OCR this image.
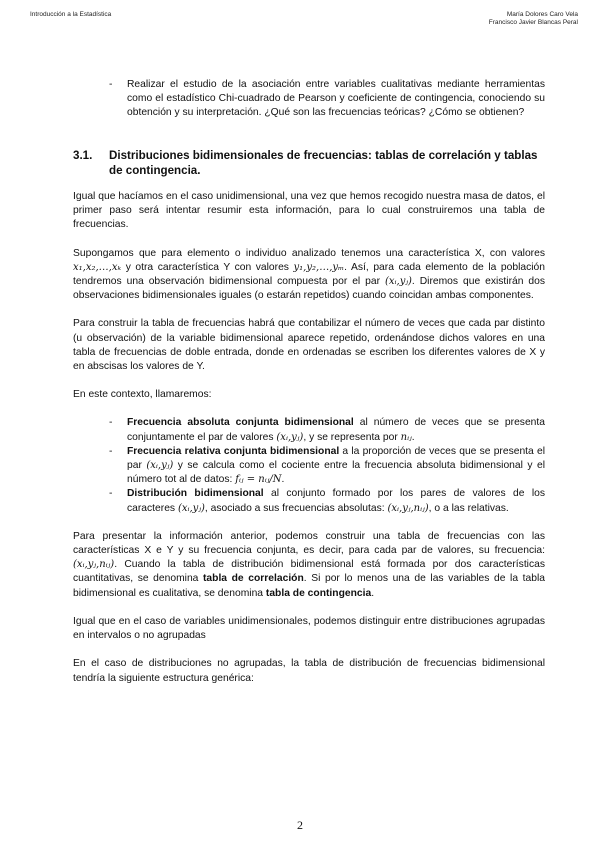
Introducción a la Estadística	María Dolores Caro Vela
Francisco Javier Blancas Peral
-	Realizar el estudio de la asociación entre variables cualitativas mediante herramientas como el estadístico Chi-cuadrado de Pearson y coeficiente de contingencia, conociendo su obtención y su interpretación. ¿Qué son las frecuencias teóricas? ¿Cómo se obtienen?
3.1.	Distribuciones bidimensionales de frecuencias: tablas de correlación y tablas de contingencia.

Igual que hacíamos en el caso unidimensional, una vez que hemos recogido nuestra masa de datos, el primer paso será intentar resumir esta información, para lo cual construiremos una tabla de frecuencias.

Supongamos que para elemento o individuo analizado tenemos una característica X, con valores x₁,x₂,…,xₖ y otra característica Y con valores y₁,y₂,…,yₘ. Así, para cada elemento de la población tendremos una observación bidimensional compuesta por el par (xᵢ,yⱼ). Diremos que existirán dos observaciones bidimensionales iguales (o estarán repetidos) cuando coincidan ambas componentes.

Para construir la tabla de frecuencias habrá que contabilizar el número de veces que cada par distinto (u observación) de la variable bidimensional aparece repetido, ordenándose dichos valores en una tabla de frecuencias de doble entrada, donde en ordenadas se escriben los diferentes valores de X y en abscisas los valores de Y.

En este contexto, llamaremos:

-	Frecuencia absoluta conjunta bidimensional al número de veces que se presenta conjuntamente el par de valores (xᵢ,yⱼ), y se representa por nᵢⱼ.
-	Frecuencia relativa conjunta bidimensional a la proporción de veces que se presenta el par (xᵢ,yⱼ) y se calcula como el cociente entre la frecuencia absoluta bidimensional y el número tot al de datos: fᵢⱼ = nᵢⱼ/N.
-	Distribución bidimensional al conjunto formado por los pares de valores de los caracteres (xᵢ,yⱼ), asociado a sus frecuencias absolutas: (xᵢ,yⱼ,nᵢⱼ), o a las relativas.

Para presentar la información anterior, podemos construir una tabla de frecuencias con las características X e Y y su frecuencia conjunta, es decir, para cada par de valores, su frecuencia: (xᵢ,yⱼ,nᵢⱼ). Cuando la tabla de distribución bidimensional está formada por dos características cuantitativas, se denomina tabla de correlación. Si por lo menos una de las variables de la tabla bidimensional es cualitativa, se denomina tabla de contingencia.

Igual que en el caso de variables unidimensionales, podemos distinguir entre distribuciones agrupadas en intervalos o no agrupadas

En el caso de distribuciones no agrupadas, la tabla de distribución de frecuencias bidimensional tendría la siguiente estructura genérica:

2
